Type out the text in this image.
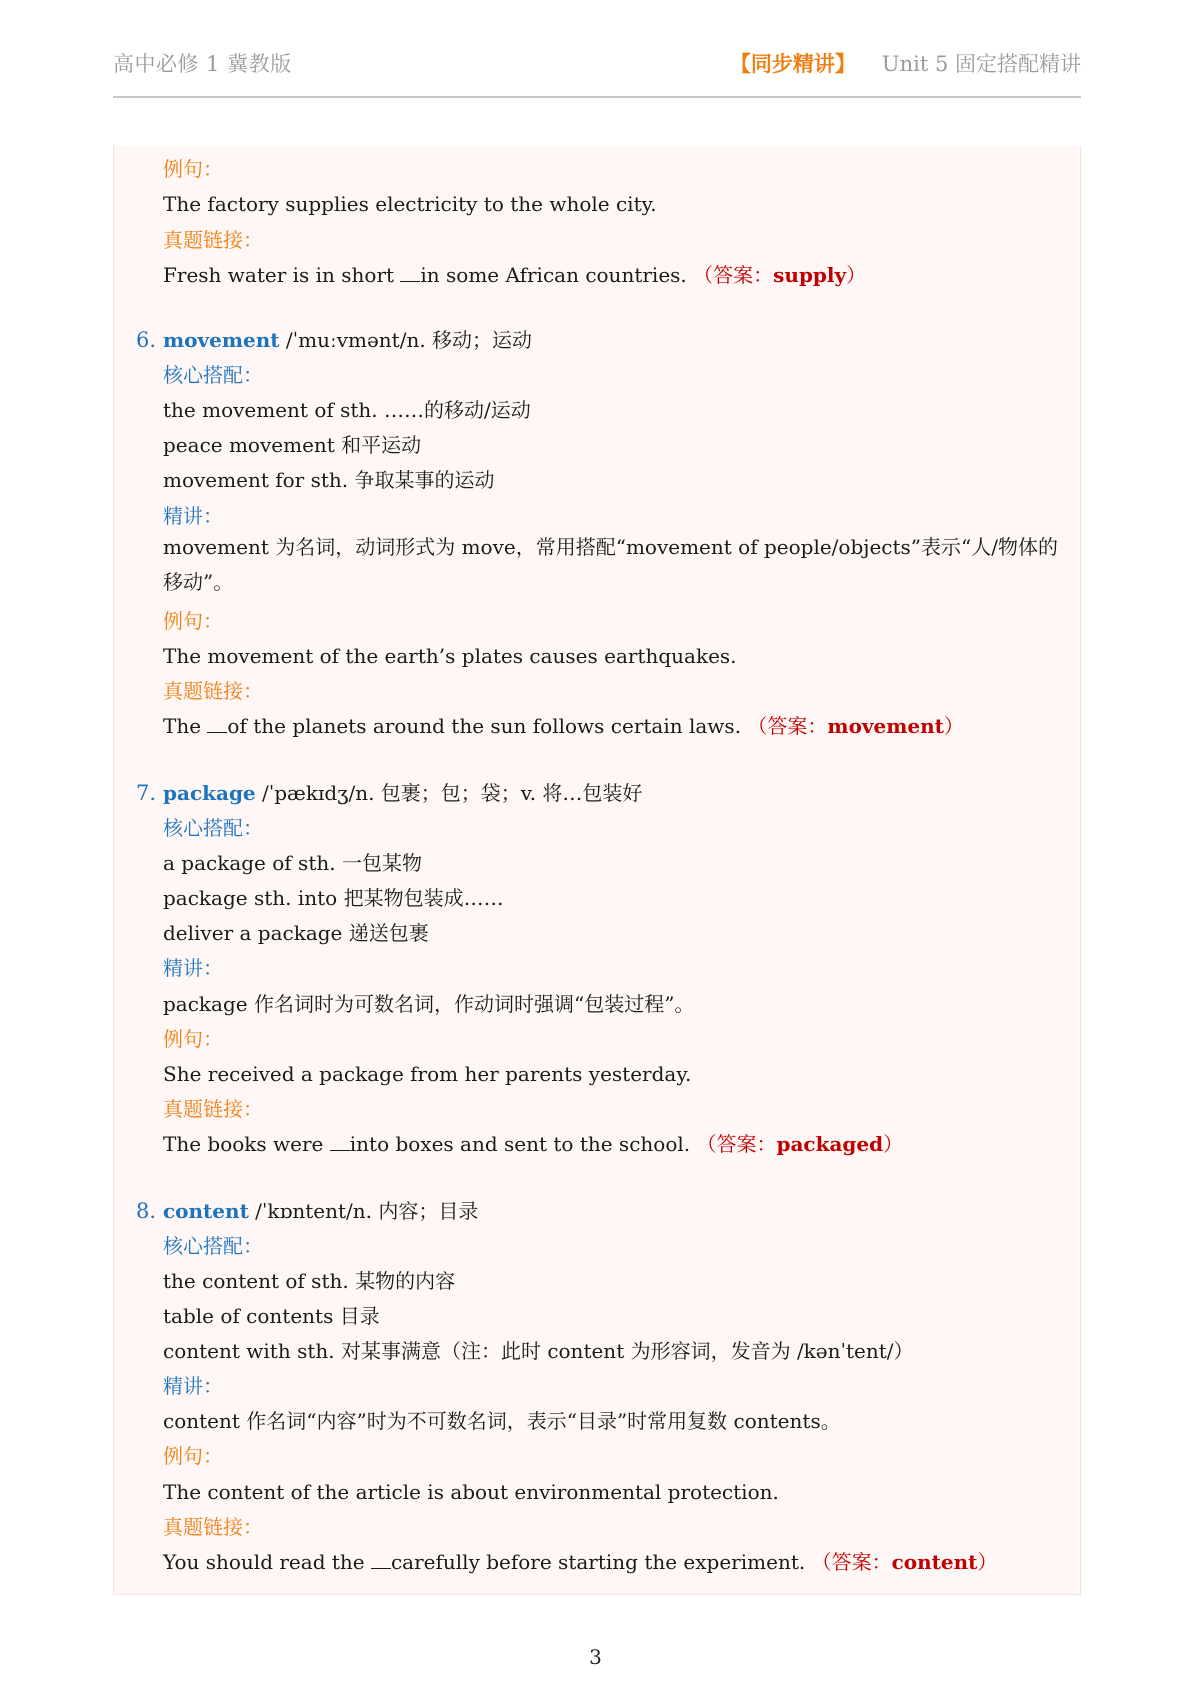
高中必修 1 冀教版	【同步精讲】 Unit 5 固定搭配精讲
例句：
The factory supplies electricity to the whole city.
真题链接：
Fresh water is in short in some African countries. （答案：supply）
6. movement /ˈmuːvmənt/n. 移动；运动
核心搭配：
the movement of sth. ……的移动/运动
peace movement 和平运动
movement for sth. 争取某事的运动
精讲：
movement 为名词，动词形式为 move，常用搭配“movement of people/objects”表示“人/物体的移动”。
例句：
The movement of the earth’s plates causes earthquakes.
真题链接：
The of the planets around the sun follows certain laws. （答案：movement）
7. package /ˈpækɪdʒ/n. 包裹；包；袋；v. 将…包装好
核心搭配：
a package of sth. 一包某物
package sth. into 把某物包装成……
deliver a package 递送包裹
精讲：
package 作名词时为可数名词，作动词时强调“包装过程”。
例句：
She received a package from her parents yesterday.
真题链接：
The books were into boxes and sent to the school. （答案：packaged）
8. content /ˈkɒntent/n. 内容；目录
核心搭配：
the content of sth. 某物的内容
table of contents 目录
content with sth. 对某事满意（注：此时 content 为形容词，发音为 /kənˈtent/）
精讲：
content 作名词“内容”时为不可数名词，表示“目录”时常用复数 contents。
例句：
The content of the article is about environmental protection.
真题链接：
You should read the carefully before starting the experiment. （答案：content）
3
